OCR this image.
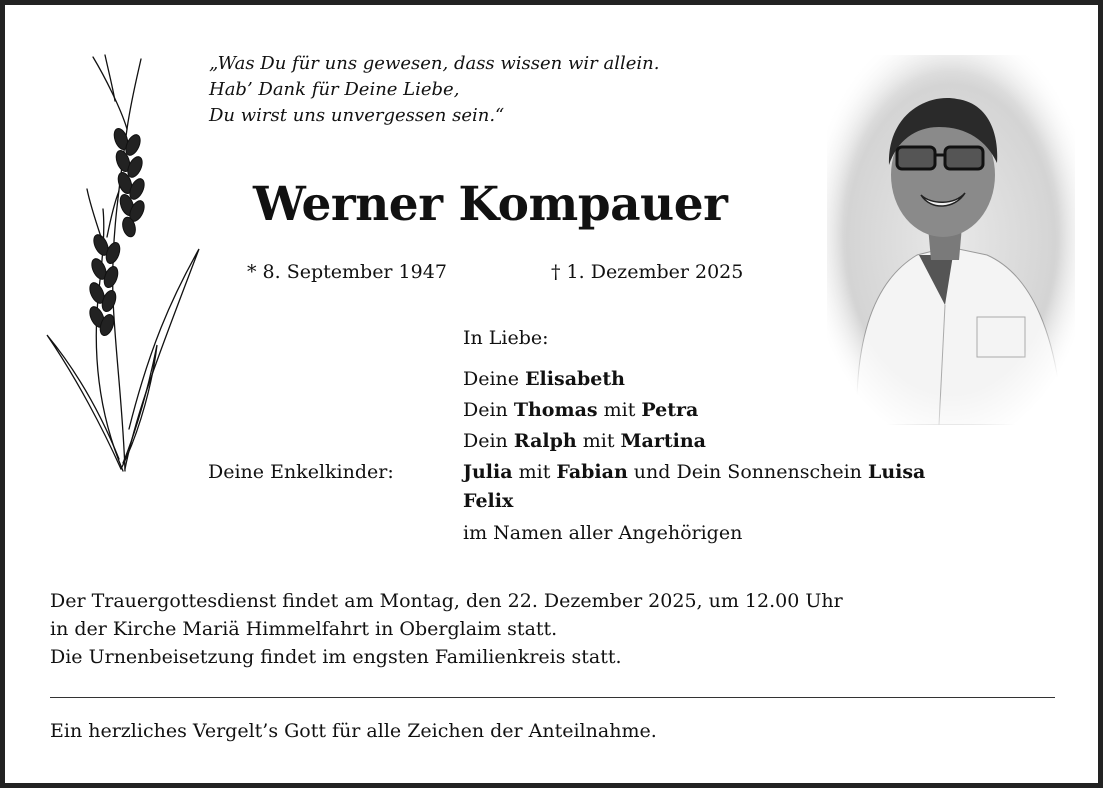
„Was Du für uns gewesen, dass wissen wir allein.
Hab’ Dank für Deine Liebe,
Du wirst uns unvergessen sein.“
Werner Kompauer
* 8. September 1947	† 1. Dezember 2025
In Liebe:
Deine Elisabeth
Dein Thomas mit Petra
Dein Ralph mit Martina
Deine Enkelkinder:	Julia mit Fabian und Dein Sonnenschein Luisa
Felix
im Namen aller Angehörigen
Der Trauergottesdienst findet am Montag, den 22. Dezember 2025, um 12.00 Uhr
in der Kirche Mariä Himmelfahrt in Oberglaim statt.
Die Urnenbeisetzung findet im engsten Familienkreis statt.
Ein herzliches Vergelt’s Gott für alle Zeichen der Anteilnahme.
